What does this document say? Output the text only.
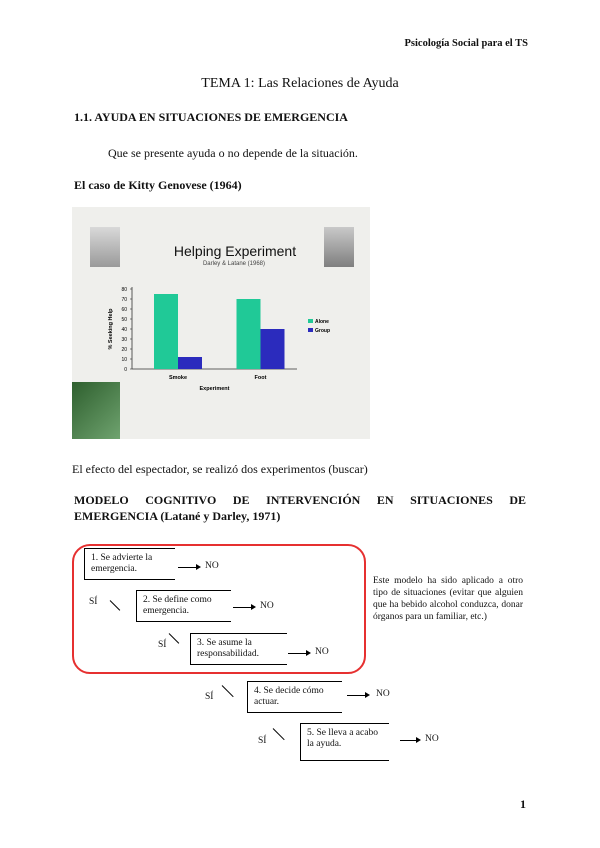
Psicología Social para el TS
TEMA 1: Las Relaciones de Ayuda
1.1. AYUDA EN SITUACIONES DE EMERGENCIA
Que se presente ayuda o no depende de la situación.
El caso de Kitty Genovese (1964)
Helping Experiment
Darley & Latane (1968)
0
10
20
30
40
50
60
70
80
Smoke	Foot
Experiment
% Seeking Help	Alone
Group
El efecto del espectador, se realizó dos experimentos (buscar)
MODELO COGNITIVO DE INTERVENCIÓN EN SITUACIONES DE EMERGENCIA (Latané y Darley, 1971)
1. Se advierte la emergencia.	NO
SÍ	2. Se define como emergencia.	NO
SÍ	3. Se asume la responsabilidad.	NO
Este modelo ha sido aplicado a otro tipo de situaciones (evitar que alguien que ha bebido alcohol conduzca, donar órganos para un familiar, etc.)
SÍ
4. Se decide cómo actuar.
NO
SÍ
5. Se lleva a acabo la ayuda.	NO
1
